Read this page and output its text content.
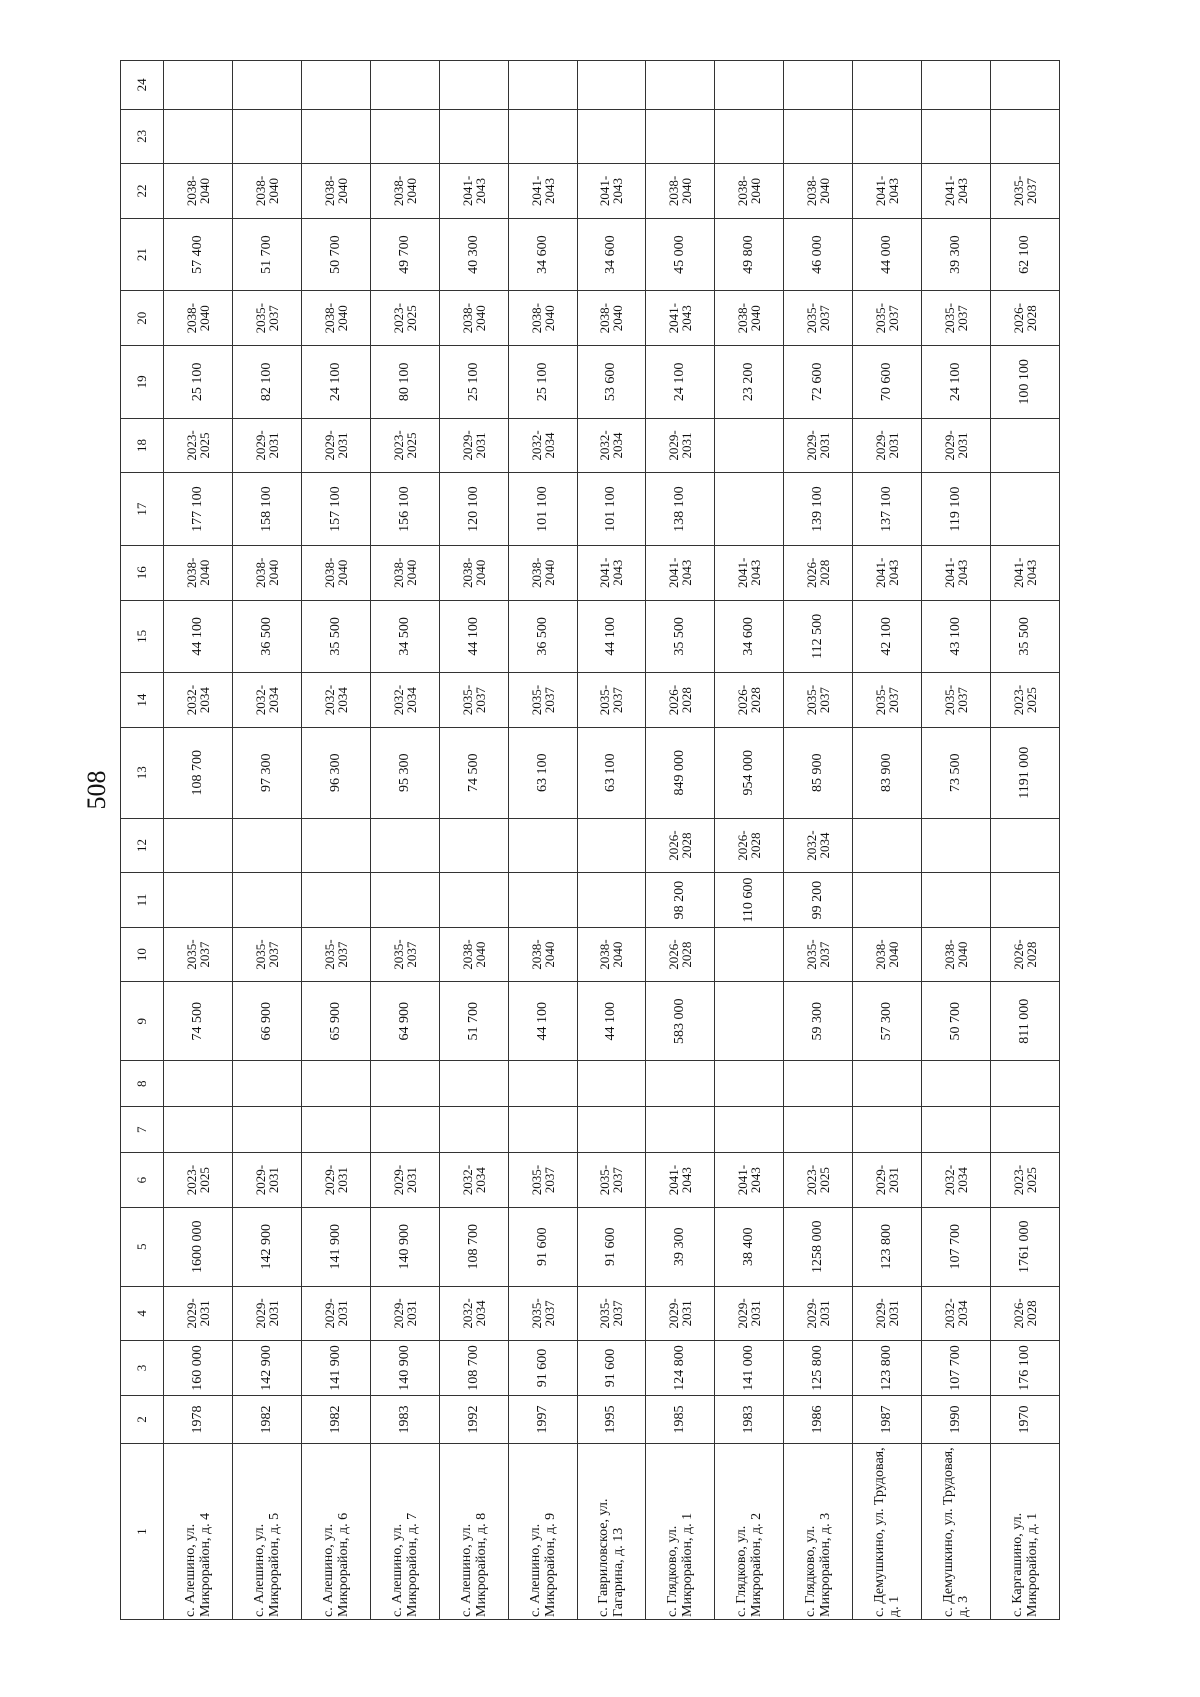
508
1	2	3	4	5	6	7	8	9	10	11	12	13	14	15	16	17	18	19	20	21	22	23	24
с. Алешино, ул. Микрорайон, д. 4	1978	160 000	2029-2031	1600 000	2023-2025			74 500	2035-2037			108 700	2032-2034	44 100	2038-2040	177 100	2023-2025	25 100	2038-2040	57 400	2038-2040		
с. Алешино, ул. Микрорайон, д. 5	1982	142 900	2029-2031	142 900	2029-2031			66 900	2035-2037			97 300	2032-2034	36 500	2038-2040	158 100	2029-2031	82 100	2035-2037	51 700	2038-2040		
с. Алешино, ул. Микрорайон, д. 6	1982	141 900	2029-2031	141 900	2029-2031			65 900	2035-2037			96 300	2032-2034	35 500	2038-2040	157 100	2029-2031	24 100	2038-2040	50 700	2038-2040		
с. Алешино, ул. Микрорайон, д. 7	1983	140 900	2029-2031	140 900	2029-2031			64 900	2035-2037			95 300	2032-2034	34 500	2038-2040	156 100	2023-2025	80 100	2023-2025	49 700	2038-2040		
с. Алешино, ул. Микрорайон, д. 8	1992	108 700	2032-2034	108 700	2032-2034			51 700	2038-2040			74 500	2035-2037	44 100	2038-2040	120 100	2029-2031	25 100	2038-2040	40 300	2041-2043		
с. Алешино, ул. Микрорайон, д. 9	1997	91 600	2035-2037	91 600	2035-2037			44 100	2038-2040			63 100	2035-2037	36 500	2038-2040	101 100	2032-2034	25 100	2038-2040	34 600	2041-2043		
с. Гавриловское, ул. Гагарина, д. 13	1995	91 600	2035-2037	91 600	2035-2037			44 100	2038-2040			63 100	2035-2037	44 100	2041-2043	101 100	2032-2034	53 600	2038-2040	34 600	2041-2043		
с. Глядково, ул. Микрорайон, д. 1	1985	124 800	2029-2031	39 300	2041-2043			583 000	2026-2028	98 200	2026-2028	849 000	2026-2028	35 500	2041-2043	138 100	2029-2031	24 100	2041-2043	45 000	2038-2040		
с. Глядково, ул. Микрорайон, д. 2	1983	141 000	2029-2031	38 400	2041-2043					110 600	2026-2028	954 000	2026-2028	34 600	2041-2043			23 200	2038-2040	49 800	2038-2040		
с. Глядково, ул. Микрорайон, д. 3	1986	125 800	2029-2031	1258 000	2023-2025			59 300	2035-2037	99 200	2032-2034	85 900	2035-2037	112 500	2026-2028	139 100	2029-2031	72 600	2035-2037	46 000	2038-2040		
с. Демушкино, ул. Трудовая, д. 1	1987	123 800	2029-2031	123 800	2029-2031			57 300	2038-2040			83 900	2035-2037	42 100	2041-2043	137 100	2029-2031	70 600	2035-2037	44 000	2041-2043		
с. Демушкино, ул. Трудовая, д. 3	1990	107 700	2032-2034	107 700	2032-2034			50 700	2038-2040			73 500	2035-2037	43 100	2041-2043	119 100	2029-2031	24 100	2035-2037	39 300	2041-2043		
с. Каргашино, ул. Микрорайон, д. 1	1970	176 100	2026-2028	1761 000	2023-2025			811 000	2026-2028			1191 000	2023-2025	35 500	2041-2043			100 100	2026-2028	62 100	2035-2037		
